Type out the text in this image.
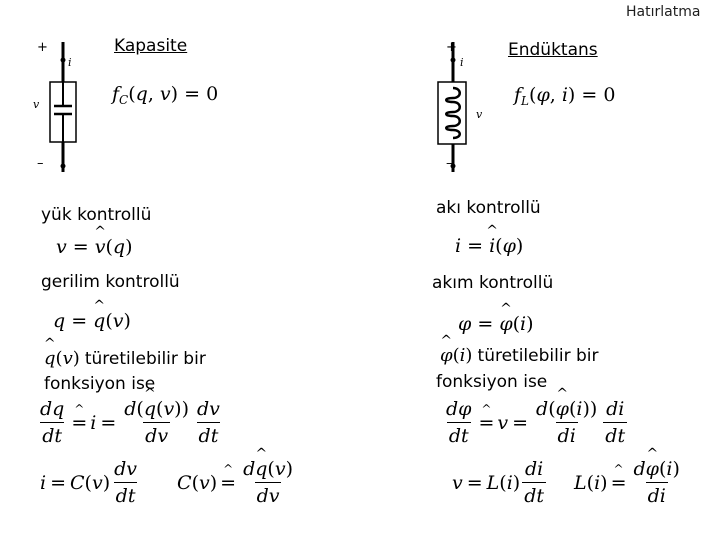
Hatırlatma
Kapasite
+
i
v
–
$f_C(q$, v) = 0
yük kontrollü
v = ^ v(q)
gerilim kontrollü
q = ^ q(v)
^ q(v) türetilebilir bir
fonksiyon ise
$\frac{dq}{dt}$ ^ = $i = \frac{d(\^{} q(v))}{dv} \frac{dv}{dt}$
i = C ( v ) $\frac{dv}{dt}$ C ( v ) ^ = $\frac{d\^{} q(v)}{dv}$
Endüktans
+
i
v
–
$f_L(\varphi$, i) = 0
akı kontrollü
i = ^ i(φ)
akım kontrollü
φ = ^ φ(i)
^ φ(i) türetilebilir bir
fonksiyon ise
$\frac{d\varphi}{dt}$ ^ = $v = \frac{d(\^{} \varphi(i))}{di} \frac{di}{dt}$
v = L ( i ) $\frac{di}{dt}$ L ( i ) ^ = $\frac{d\^{} \varphi(i)}{di}$
